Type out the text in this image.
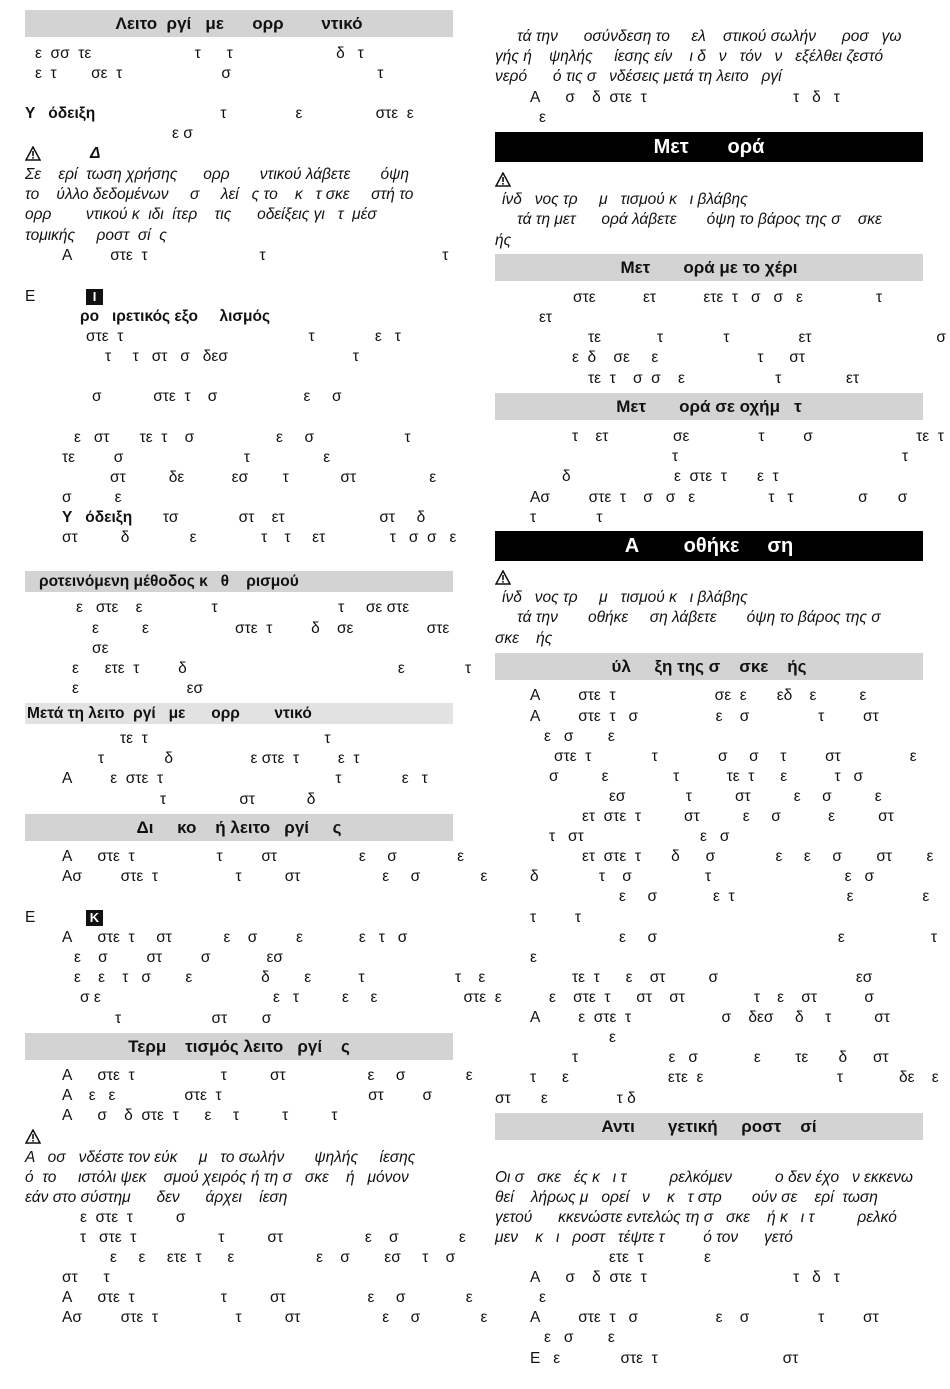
Λειτο  ργί   με      ορρ        ντικό
ε  σσ  τε                        τ      τ                        δ   τ
ε  τ        σε  τ                       σ                                  τ
Υ   όδειξη τ                ε                 στε  ε
ε σ
Δ
Σε    ερί  τωση χρήσης      ορρ       ντικού λάβετε       όψη
το    ύλλο δεδομένων     σ     λεί   ς το    κ   τ σκε     στή το
ορρ        ντικού κ  ιδι  ίτερ    τις      οδείξεις γι   τ  μέσ
τομικής     ροστ  σί  ς
Α         στε  τ                          τ                                         τ
Ε	I
ρο   ιρετικός εξο     λισμός
στε  τ                                           τ              ε   τ
τ     τ   στ   σ   δεσ                             τ
σ            στε  τ    σ                    ε     σ
ε   στ       τε  τ    σ                   ε     σ                     τ
τε         σ                            τ                 ε
στ          δε           εσ        τ            στ                 ε
σ          ε
Υ   όδειξη τσ              στ    ετ                      στ     δ
στ          δ              ε               τ    τ     ετ               τ   σ  σ   ε
ροτεινόμενη μέθοδος κ   θ    ρισμού
ε   στε    ε                τ                            τ     σε στε
ε          ε                    στε  τ         δ    σε                 στε
σε
ε      ετε  τ         δ                                                 ε              τ
ε                         εσ
Μετά τη λειτο  ργί   με      ορρ        ντικό
τε  τ                                         τ
τ              δ                  ε στε  τ         ε  τ
Α         ε  στε  τ                                        τ              ε   τ
τ                 στ            δ
Δι     κο    ή λειτο   ργί     ς
Α      στε  τ                   τ         στ                   ε     σ              ε
Ασ         στε  τ                  τ          στ                   ε     σ              ε
Ε	K
Α      στε  τ     στ            ε    σ         ε             ε   τ   σ
ε    σ         στ         σ             εσ
ε    ε    τ   σ        ε                δ        ε           τ                     τ    ε
σ ε                                        ε   τ          ε     ε                    στε  ε
τ                     στ        σ
Τερμ    τισμός λειτο   ργί    ς
Α      στε  τ                    τ          στ                   ε     σ              ε
Α    ε   ε                στε  τ                                  στ         σ
Α      σ    δ  στε  τ      ε     τ          τ          τ
Α   οσ   νδέστε τον εύκ     μ   το σωλήν       ψηλής     ίεσης
ό  το     ιστόλι ψεκ    σμού χειρός ή τη σ   σκε    ή   μόνον
εάν στο σύστημ      δεν      άρχει    ίεση
ε  στε  τ          σ
τ   στε  τ                   τ          στ                   ε    σ              ε
ε     ε     ετε  τ      ε                   ε    σ        εσ     τ    σ
στ      τ
Α      στε  τ                    τ          στ                   ε     σ              ε
Ασ         στε  τ                  τ          στ                   ε     σ              ε
τά την      οσύνδεση το     ελ    στικού σωλήν      ροσ   γω
γής ή    ψηλής     ίεσης είν    ι δ   ν   τόν   ν   εξέλθει ζεστό
νερό      ό τις σ   νδέσεις μετά τη λειτο   ργί
Α      σ    δ  στε  τ                                  τ   δ   τ
ε
Μετ       ορά
ίνδ   νος τρ     μ   τισμού κ   ι βλάβης
τά τη μετ      ορά λάβετε       όψη το βάρος της σ    σκε
ής
Μετ       ορά με το χέρι
στε           ετ           ετε  τ   σ   σ   ε                 τ
ετ
τε             τ              τ                ετ                             σ
ε  δ    σε     ε                       τ      στ
τε  τ    σ  σ    ε                     τ               ετ
Μετ       ορά σε οχήμ   τ
τ    ετ               σε                τ         σ                        τε  τ
τ                                                    τ
δ                        ε  στε  τ       ε  τ
Ασ         στε  τ    σ   σ   ε                 τ   τ               σ       σ
τ              τ
Α        οθήκε     ση
ίνδ   νος τρ     μ   τισμού κ   ι βλάβης
τά την       οθήκε     ση λάβετε       όψη το βάρος της σ
σκε    ής
ύλ     ξη της σ    σκε    ής
Α         στε  τ                       σε  ε       εδ    ε          ε
Α         στε  τ   σ                  ε    σ                τ         στ
ε   σ        ε
στε  τ              τ              σ     σ     τ         στ                ε
σ          ε               τ           τε  τ      ε           τ   σ
εσ              τ          στ          ε     σ          ε
ετ  στε  τ          στ          ε     σ           ε          στ
τ   στ                           ε   σ
ετ  στε  τ       δ      σ              ε     ε     σ        στ        ε
δ              τ    σ                 τ                               ε   σ
ε     σ             ε  τ                          ε                ε
τ         τ
ε     σ                                          ε                    τ
ε
τε  τ      ε    στ          σ                                εσ
ε    στε  τ      στ    στ                τ    ε    στ           σ
Α         ε  στε  τ                     σ    δεσ     δ     τ          στ
ε
τ                     ε   σ             ε        τε       δ      στ
τ      ε                       ετε  ε                               τ             δε    ε
στ       ε                τ δ
Αντι       γετική     ροστ    σί
Οι σ   σκε   ές κ   ι τ          ρελκόμεν          ο δεν έχο   ν εκκενω
θεί    λήρως μ   ορεί   ν    κ   τ στρ       ούν σε    ερί  τωση
γετού      κκενώστε εντελώς τη σ   σκε    ή κ   ι τ          ρελκό
μεν    κ   ι   ροστ   τέψτε τ         ό τον      γετό
ετε  τ              ε
Α      σ    δ  στε  τ                                  τ   δ   τ
ε
Α         στε  τ   σ                  ε    σ                τ         στ
ε   σ        ε
Ε   ε              στε  τ                             στ
